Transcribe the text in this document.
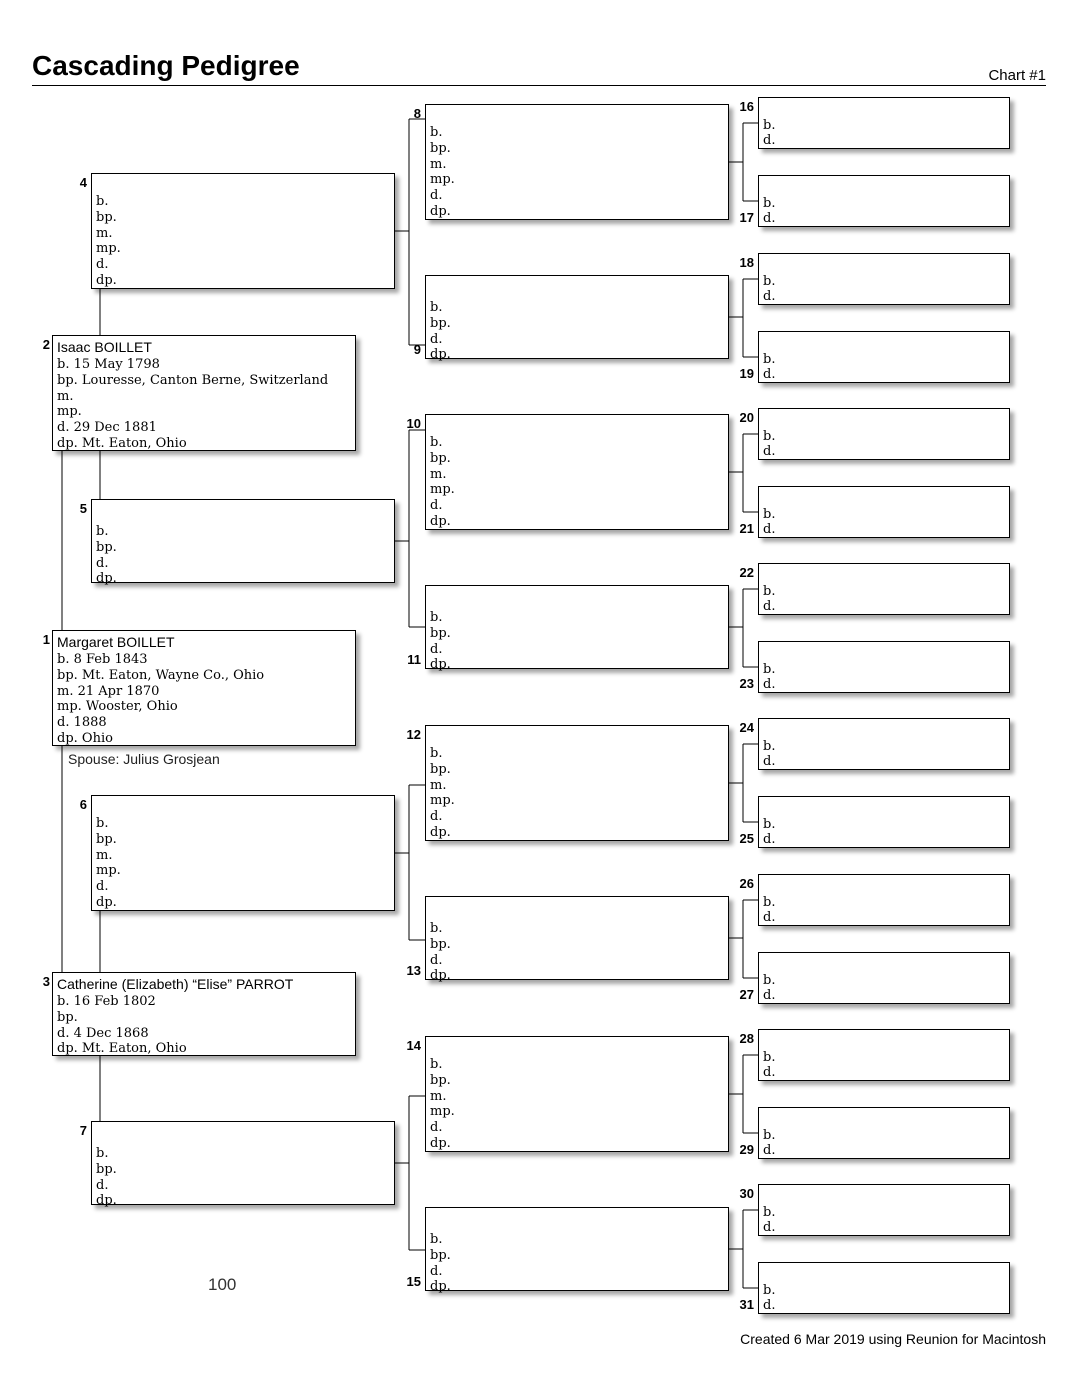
Cascading Pedigree	Chart #1
Margaret BOILLET
b. 8 Feb 1843
bp. Mt. Eaton, Wayne Co., Ohio
m. 21 Apr 1870
mp. Wooster, Ohio
d. 1888
dp. Ohio
1
Isaac BOILLET
b. 15 May 1798
bp. Louresse, Canton Berne, Switzerland
m.
mp.
d. 29 Dec 1881
dp. Mt. Eaton, Ohio
2
Catherine (Elizabeth) “Elise” PARROT
b. 16 Feb 1802
bp.
d. 4 Dec 1868
dp. Mt. Eaton, Ohio
3
b.
bp.
m.
mp.
d.
dp.
4
b.
bp.
d.
dp.
5
b.
bp.
m.
mp.
d.
dp.
6
b.
bp.
d.
dp.
7
b.
bp.
m.
mp.
d.
dp.
8
b.
bp.
d.
dp.
9
b.
bp.
m.
mp.
d.
dp.
10
b.
bp.
d.
dp.
11
b.
bp.
m.
mp.
d.
dp.
12
b.
bp.
d.
dp.
13
b.
bp.
m.
mp.
d.
dp.
14
b.
bp.
d.
dp.
15
b.
d.
16
b.
d.
17
b.
d.
18
b.
d.
19
b.
d.
20
b.
d.
21
b.
d.
22
b.
d.
23
b.
d.
24
b.
d.
25
b.
d.
26
b.
d.
27
b.
d.
28
b.
d.
29
b.
d.
30
b.
d.
31
Spouse: Julius Grosjean
100
Created 6 Mar 2019 using Reunion for Macintosh
